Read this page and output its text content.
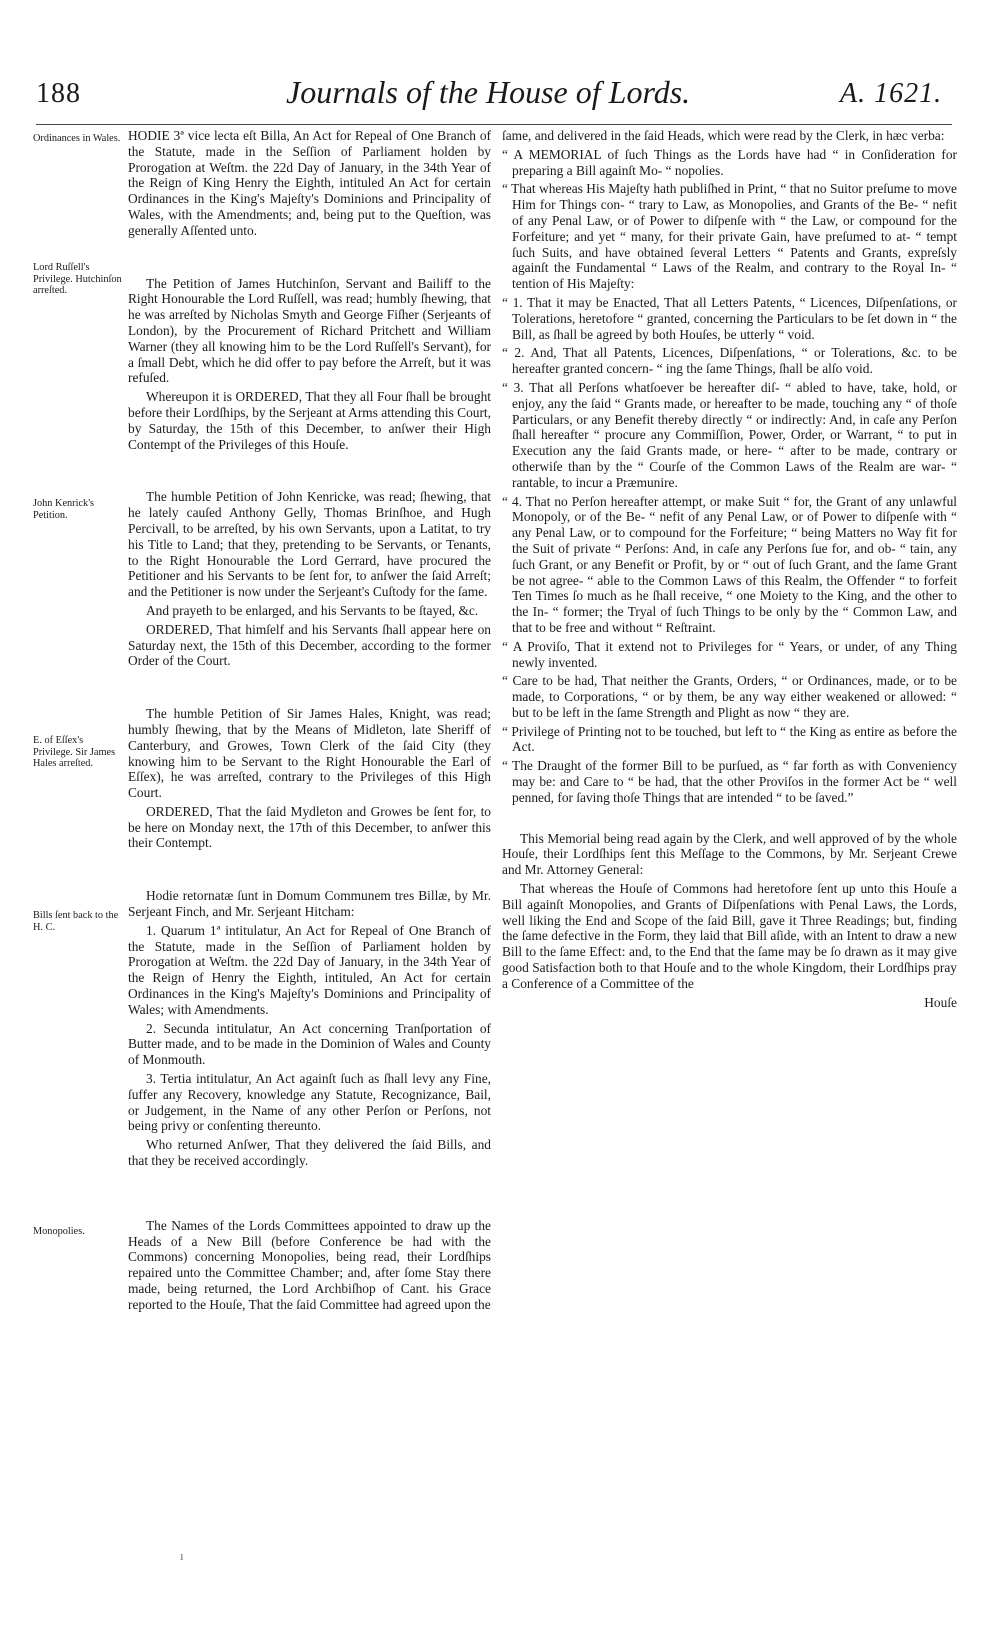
188	Journals of the House of Lords.	A. 1621.
Ordinances in Wales.
Lord Ruſſell's Privilege. Hutchinſon arreſted.
John Kenrick's Petition.
E. of Eſſex's Privilege. Sir James Hales arreſted.
Bills ſent back to the H. C.
Monopolies.

HODIE 3ª vice lecta eſt Billa, An Act for Repeal of One Branch of the Statute, made in the Seſſion of Parliament holden by Prorogation at Weſtm. the 22d Day of January, in the 34th Year of the Reign of King Henry the Eighth, intituled An Act for certain Ordinances in the King's Majeſty's Dominions and Principality of Wales, with the Amendments; and, being put to the Queſtion, was generally Aſſented unto.

The Petition of James Hutchinſon, Servant and Bailiff to the Right Honourable the Lord Ruſſell, was read; humbly ſhewing, that he was arreſted by Nicholas Smyth and George Fiſher (Serjeants of London), by the Procurement of Richard Pritchett and William Warner (they all knowing him to be the Lord Ruſſell's Servant), for a ſmall Debt, which he did offer to pay before the Arreſt, but it was refuſed.

Whereupon it is ORDERED, That they all Four ſhall be brought before their Lordſhips, by the Serjeant at Arms attending this Court, by Saturday, the 15th of this December, to anſwer their High Contempt of the Privileges of this Houſe.

The humble Petition of John Kenricke, was read; ſhewing, that he lately cauſed Anthony Gelly, Thomas Brinſhoe, and Hugh Percivall, to be arreſted, by his own Servants, upon a Latitat, to try his Title to Land; that they, pretending to be Servants, or Tenants, to the Right Honourable the Lord Gerrard, have procured the Petitioner and his Servants to be ſent for, to anſwer the ſaid Arreſt; and the Petitioner is now under the Serjeant's Cuſtody for the ſame.

And prayeth to be enlarged, and his Servants to be ſtayed, &c.

ORDERED, That himſelf and his Servants ſhall appear here on Saturday next, the 15th of this December, according to the former Order of the Court.

The humble Petition of Sir James Hales, Knight, was read; humbly ſhewing, that by the Means of Midleton, late Sheriff of Canterbury, and Growes, Town Clerk of the ſaid City (they knowing him to be Servant to the Right Honourable the Earl of Eſſex), he was arreſted, contrary to the Privileges of this High Court.

ORDERED, That the ſaid Mydleton and Growes be ſent for, to be here on Monday next, the 17th of this December, to anſwer this their Contempt.

Hodie retornatæ ſunt in Domum Communem tres Billæ, by Mr. Serjeant Finch, and Mr. Serjeant Hitcham:

1. Quarum 1ª intitulatur, An Act for Repeal of One Branch of the Statute, made in the Seſſion of Parliament holden by Prorogation at Weſtm. the 22d Day of January, in the 34th Year of the Reign of Henry the Eighth, intituled, An Act for certain Ordinances in the King's Majeſty's Dominions and Principality of Wales; with Amendments.

2. Secunda intitulatur, An Act concerning Tranſportation of Butter made, and to be made in the Dominion of Wales and County of Monmouth.

3. Tertia intitulatur, An Act againſt ſuch as ſhall levy any Fine, ſuffer any Recovery, knowledge any Statute, Recognizance, Bail, or Judgement, in the Name of any other Perſon or Perſons, not being privy or conſenting thereunto.

Who returned Anſwer, That they delivered the ſaid Bills, and that they be received accordingly.

The Names of the Lords Committees appointed to draw up the Heads of a New Bill (before Conference be had with the Commons) concerning Monopolies, being read, their Lordſhips repaired unto the Committee Chamber; and, after ſome Stay there made, being returned, the Lord Archbiſhop of Cant. his Grace reported to the Houſe, That the ſaid Committee had agreed upon the

ſame, and delivered in the ſaid Heads, which were read by the Clerk, in hæc verba:

“ A MEMORIAL of ſuch Things as the Lords have had “ in Conſideration for preparing a Bill againſt Mo- “ nopolies.

“ That whereas His Majeſty hath publiſhed in Print, “ that no Suitor preſume to move Him for Things con- “ trary to Law, as Monopolies, and Grants of the Be- “ nefit of any Penal Law, or of Power to diſpenſe with “ the Law, or compound for the Forfeiture; and yet “ many, for their private Gain, have preſumed to at- “ tempt ſuch Suits, and have obtained ſeveral Letters “ Patents and Grants, expreſsly againſt the Fundamental “ Laws of the Realm, and contrary to the Royal In- “ tention of His Majeſty:

“ 1. That it may be Enacted, That all Letters Patents, “ Licences, Diſpenſations, or Tolerations, heretofore “ granted, concerning the Particulars to be ſet down in “ the Bill, as ſhall be agreed by both Houſes, be utterly “ void.

“ 2. And, That all Patents, Licences, Diſpenſations, “ or Tolerations, &c. to be hereafter granted concern- “ ing the ſame Things, ſhall be alſo void.

“ 3. That all Perſons whatſoever be hereafter diſ- “ abled to have, take, hold, or enjoy, any the ſaid “ Grants made, or hereafter to be made, touching any “ of thoſe Particulars, or any Benefit thereby directly “ or indirectly: And, in caſe any Perſon ſhall hereafter “ procure any Commiſſion, Power, Order, or Warrant, “ to put in Execution any the ſaid Grants made, or here- “ after to be made, contrary or otherwiſe than by the “ Courſe of the Common Laws of the Realm are war- “ rantable, to incur a Præmunire.

“ 4. That no Perſon hereafter attempt, or make Suit “ for, the Grant of any unlawful Monopoly, or of the Be- “ nefit of any Penal Law, or of Power to diſpenſe with “ any Penal Law, or to compound for the Forfeiture; “ being Matters no Way fit for the Suit of private “ Perſons: And, in caſe any Perſons ſue for, and ob- “ tain, any ſuch Grant, or any Benefit or Profit, by or “ out of ſuch Grant, and the ſame Grant be not agree- “ able to the Common Laws of this Realm, the Offender “ to forfeit Ten Times ſo much as he ſhall receive, “ one Moiety to the King, and the other to the In- “ former; the Tryal of ſuch Things to be only by the “ Common Law, and that to be free and without “ Reſtraint.

“ A Proviſo, That it extend not to Privileges for “ Years, or under, of any Thing newly invented.

“ Care to be had, That neither the Grants, Orders, “ or Ordinances, made, or to be made, to Corporations, “ or by them, be any way either weakened or allowed: “ but to be left in the ſame Strength and Plight as now “ they are.

“ Privilege of Printing not to be touched, but left to “ the King as entire as before the Act.

“ The Draught of the former Bill to be purſued, as “ far forth as with Conveniency may be: and Care to “ be had, that the other Proviſos in the former Act be “ well penned, for ſaving thoſe Things that are intended “ to be ſaved.”

This Memorial being read again by the Clerk, and well approved of by the whole Houſe, their Lordſhips ſent this Meſſage to the Commons, by Mr. Serjeant Crewe and Mr. Attorney General:

That whereas the Houſe of Commons had heretofore ſent up unto this Houſe a Bill againſt Monopolies, and Grants of Diſpenſations with Penal Laws, the Lords, well liking the End and Scope of the ſaid Bill, gave it Three Readings; but, finding the ſame defective in the Form, they laid that Bill aſide, with an Intent to draw a new Bill to the ſame Effect: and, to the End that the ſame may be ſo drawn as it may give good Satisfaction both to that Houſe and to the whole Kingdom, their Lordſhips pray a Conference of a Committee of the

Houſe

ı
